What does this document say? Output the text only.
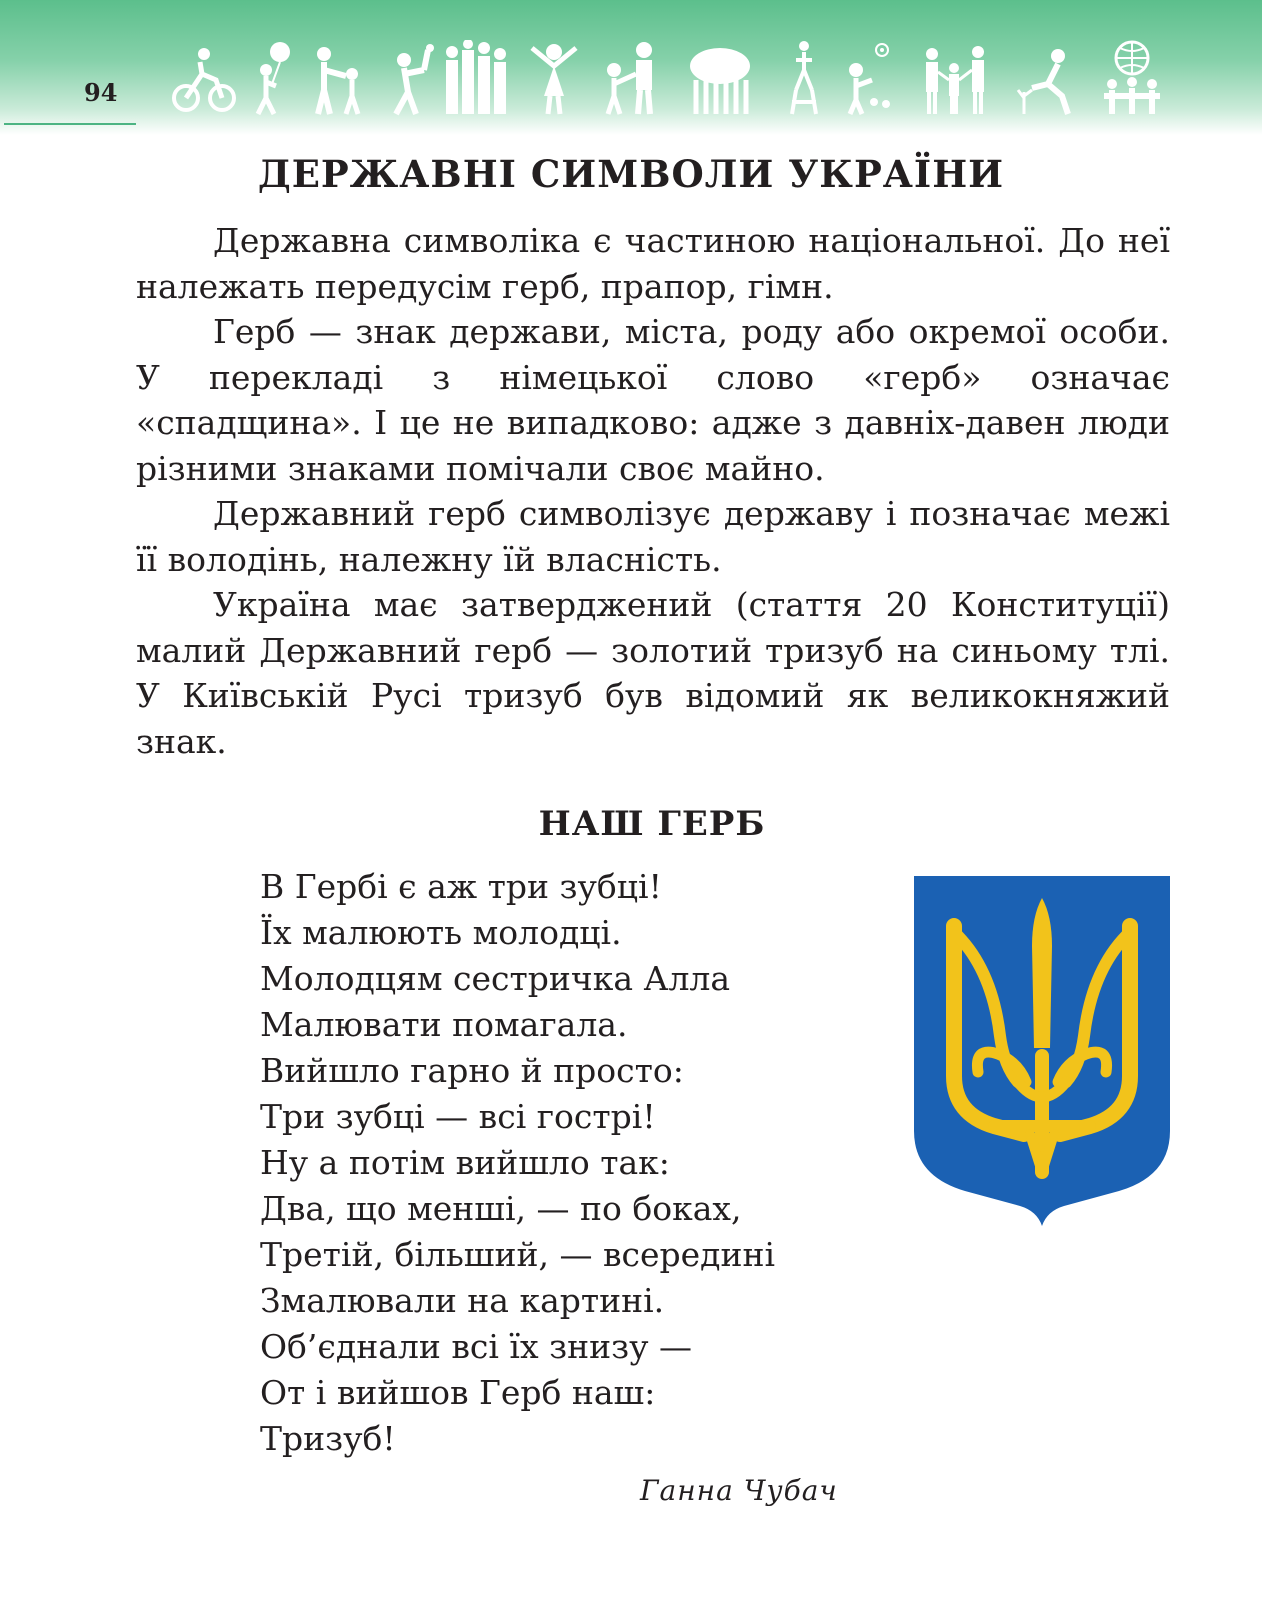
94
ДЕРЖАВНІ СИМВОЛИ УКРАЇНИ

Державна символіка є частиною національної. До неї належать передусім герб, прапор, гімн.

Герб — знак держави, міста, роду або окремої особи. У перекладі з німецької слово «герб» означає «спадщина». І це не випадково: адже з давніх-давен люди різними знаками помічали своє майно.

Державний герб символізує державу і позначає межі її володінь, належну їй власність.

Україна має затверджений (стаття 20 Конституції) малий Державний герб — золотий тризуб на синьому тлі. У Київській Русі тризуб був відомий як великокняжий знак.

НАШ ГЕРБ
В Гербі є аж три зубці!
Їх малюють молодці.
Молодцям сестричка Алла
Малювати помагала.
Вийшло гарно й просто:
Три зубці — всі гострі!
Ну а потім вийшло так:
Два, що менші, — по боках,
Третій, більший, — всередині
Змалювали на картині.
Об’єднали всі їх знизу —
От і вийшов Герб наш:
Тризуб!
Ганна Чубач
